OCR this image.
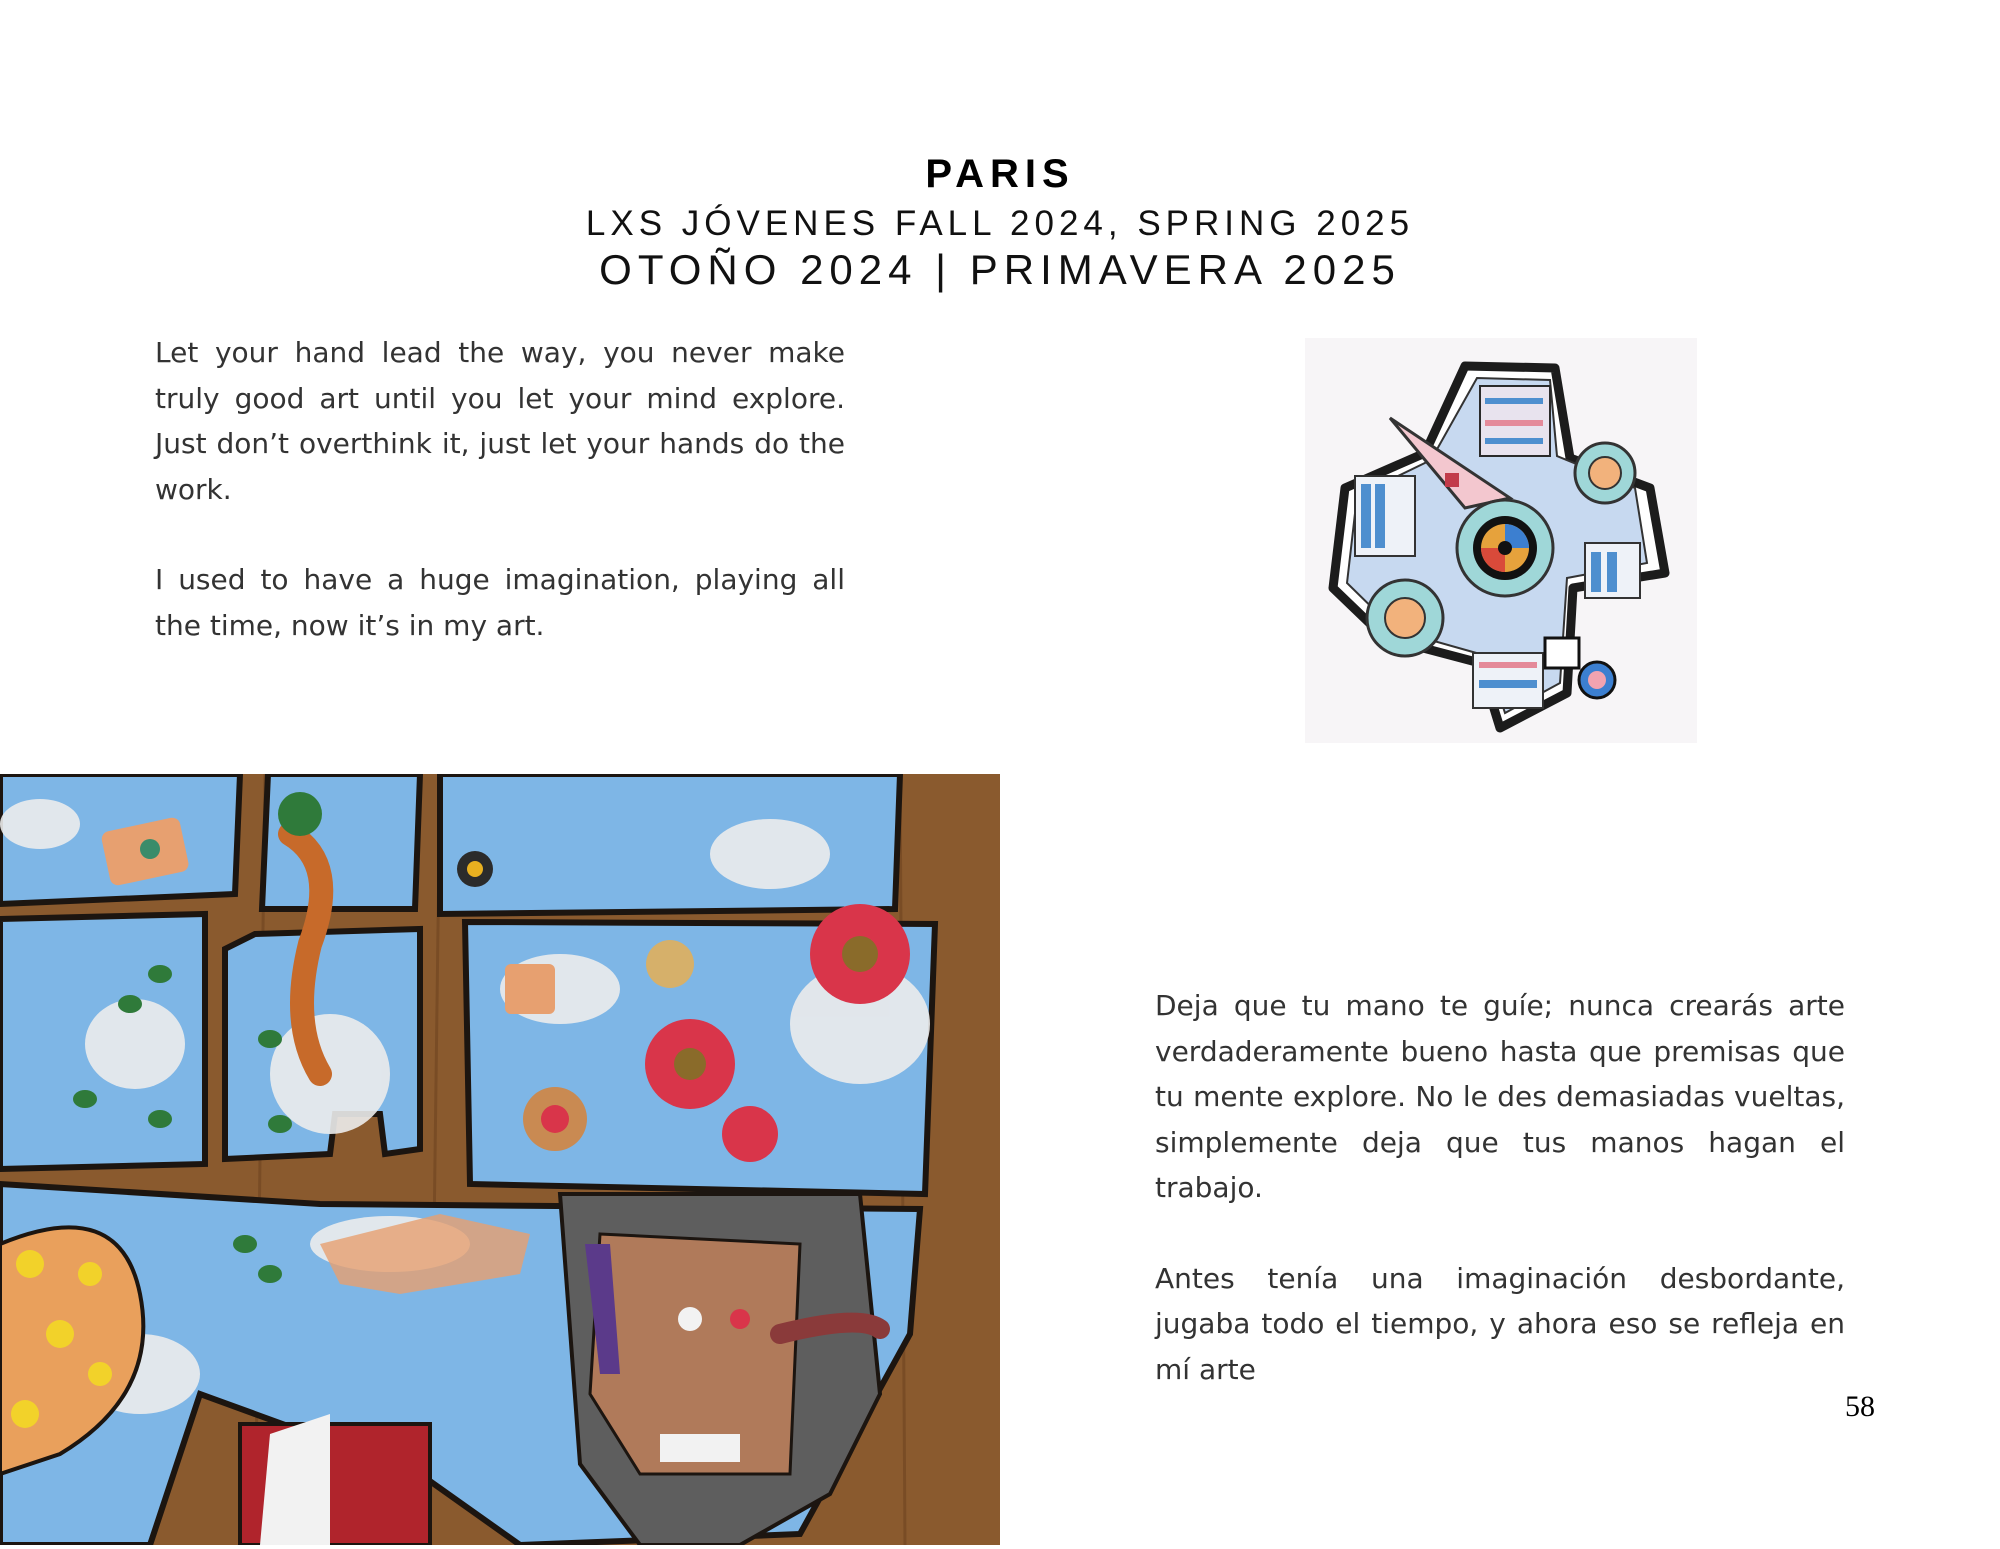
PARIS
LXS JÓVENES FALL 2024, SPRING 2025
OTOÑO 2024 | PRIMAVERA 2025

Let your hand lead the way, you never make truly good art until you let your mind explore. Just don’t overthink it, just let your hands do the work.

I used to have a huge imagination, playing all the time, now it’s in my art.

Deja que tu mano te guíe; nunca crearás arte verdaderamente bueno hasta que premisas que tu mente explore. No le des demasiadas vueltas, simplemente deja que tus manos hagan el trabajo.

Antes tenía una imaginación desbordante, jugaba todo el tiempo, y ahora eso se refleja en mí arte

58
